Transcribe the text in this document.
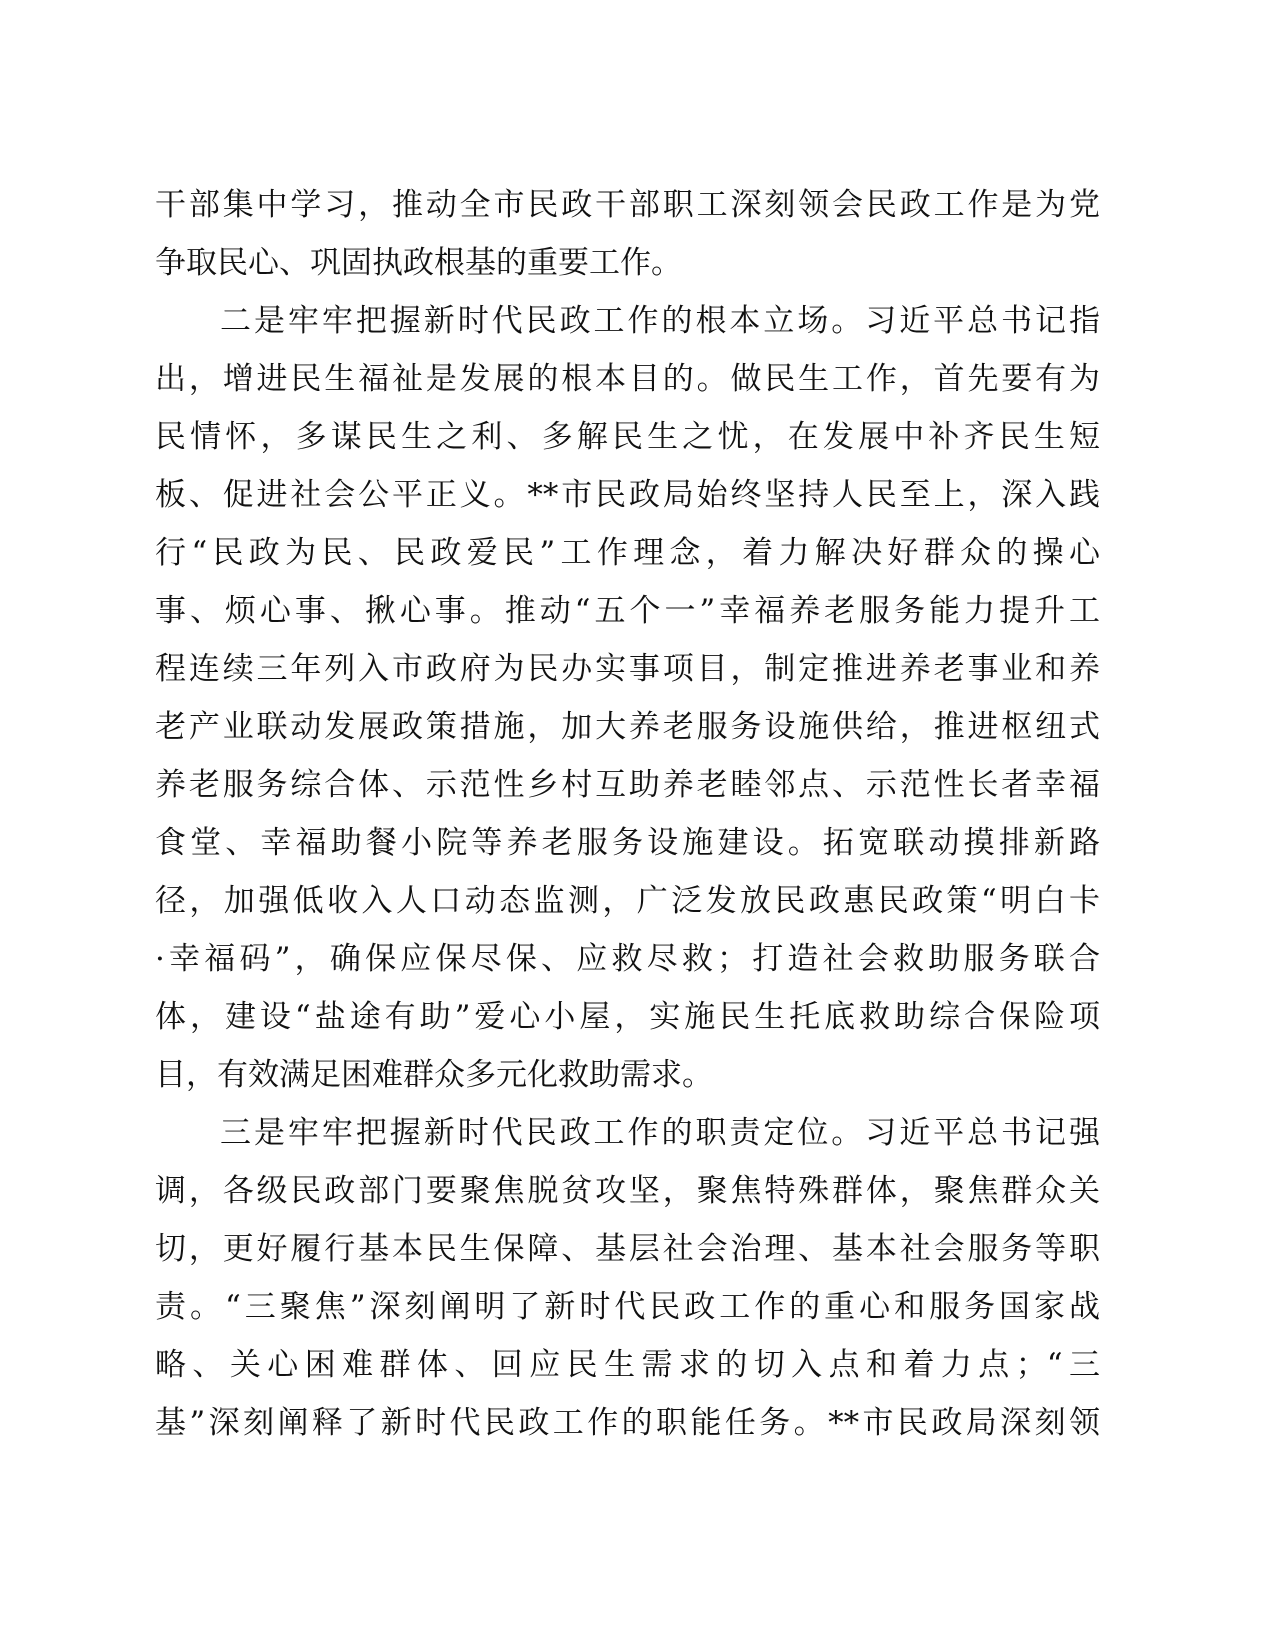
干部集中学习，推动全市民政干部职工深刻领会民政工作是为党
争取民心、巩固执政根基的重要工作。
二是牢牢把握新时代民政工作的根本立场。习近平总书记指
出，增进民生福祉是发展的根本目的。做民生工作，首先要有为
民情怀，多谋民生之利、多解民生之忧，在发展中补齐民生短
板、促进社会公平正义。**市民政局始终坚持人民至上，深入践
行“民政为民、民政爱民”工作理念，着力解决好群众的操心
事、烦心事、揪心事。推动“五个一”幸福养老服务能力提升工
程连续三年列入市政府为民办实事项目，制定推进养老事业和养
老产业联动发展政策措施，加大养老服务设施供给，推进枢纽式
养老服务综合体、示范性乡村互助养老睦邻点、示范性长者幸福
食堂、幸福助餐小院等养老服务设施建设。拓宽联动摸排新路
径，加强低收入人口动态监测，广泛发放民政惠民政策“明白卡
·幸福码”，确保应保尽保、应救尽救；打造社会救助服务联合
体，建设“盐途有助”爱心小屋，实施民生托底救助综合保险项
目，有效满足困难群众多元化救助需求。
三是牢牢把握新时代民政工作的职责定位。习近平总书记强
调，各级民政部门要聚焦脱贫攻坚，聚焦特殊群体，聚焦群众关
切，更好履行基本民生保障、基层社会治理、基本社会服务等职
责。“三聚焦”深刻阐明了新时代民政工作的重心和服务国家战
略、关心困难群体、回应民生需求的切入点和着力点；“三
基”深刻阐释了新时代民政工作的职能任务。**市民政局深刻领
